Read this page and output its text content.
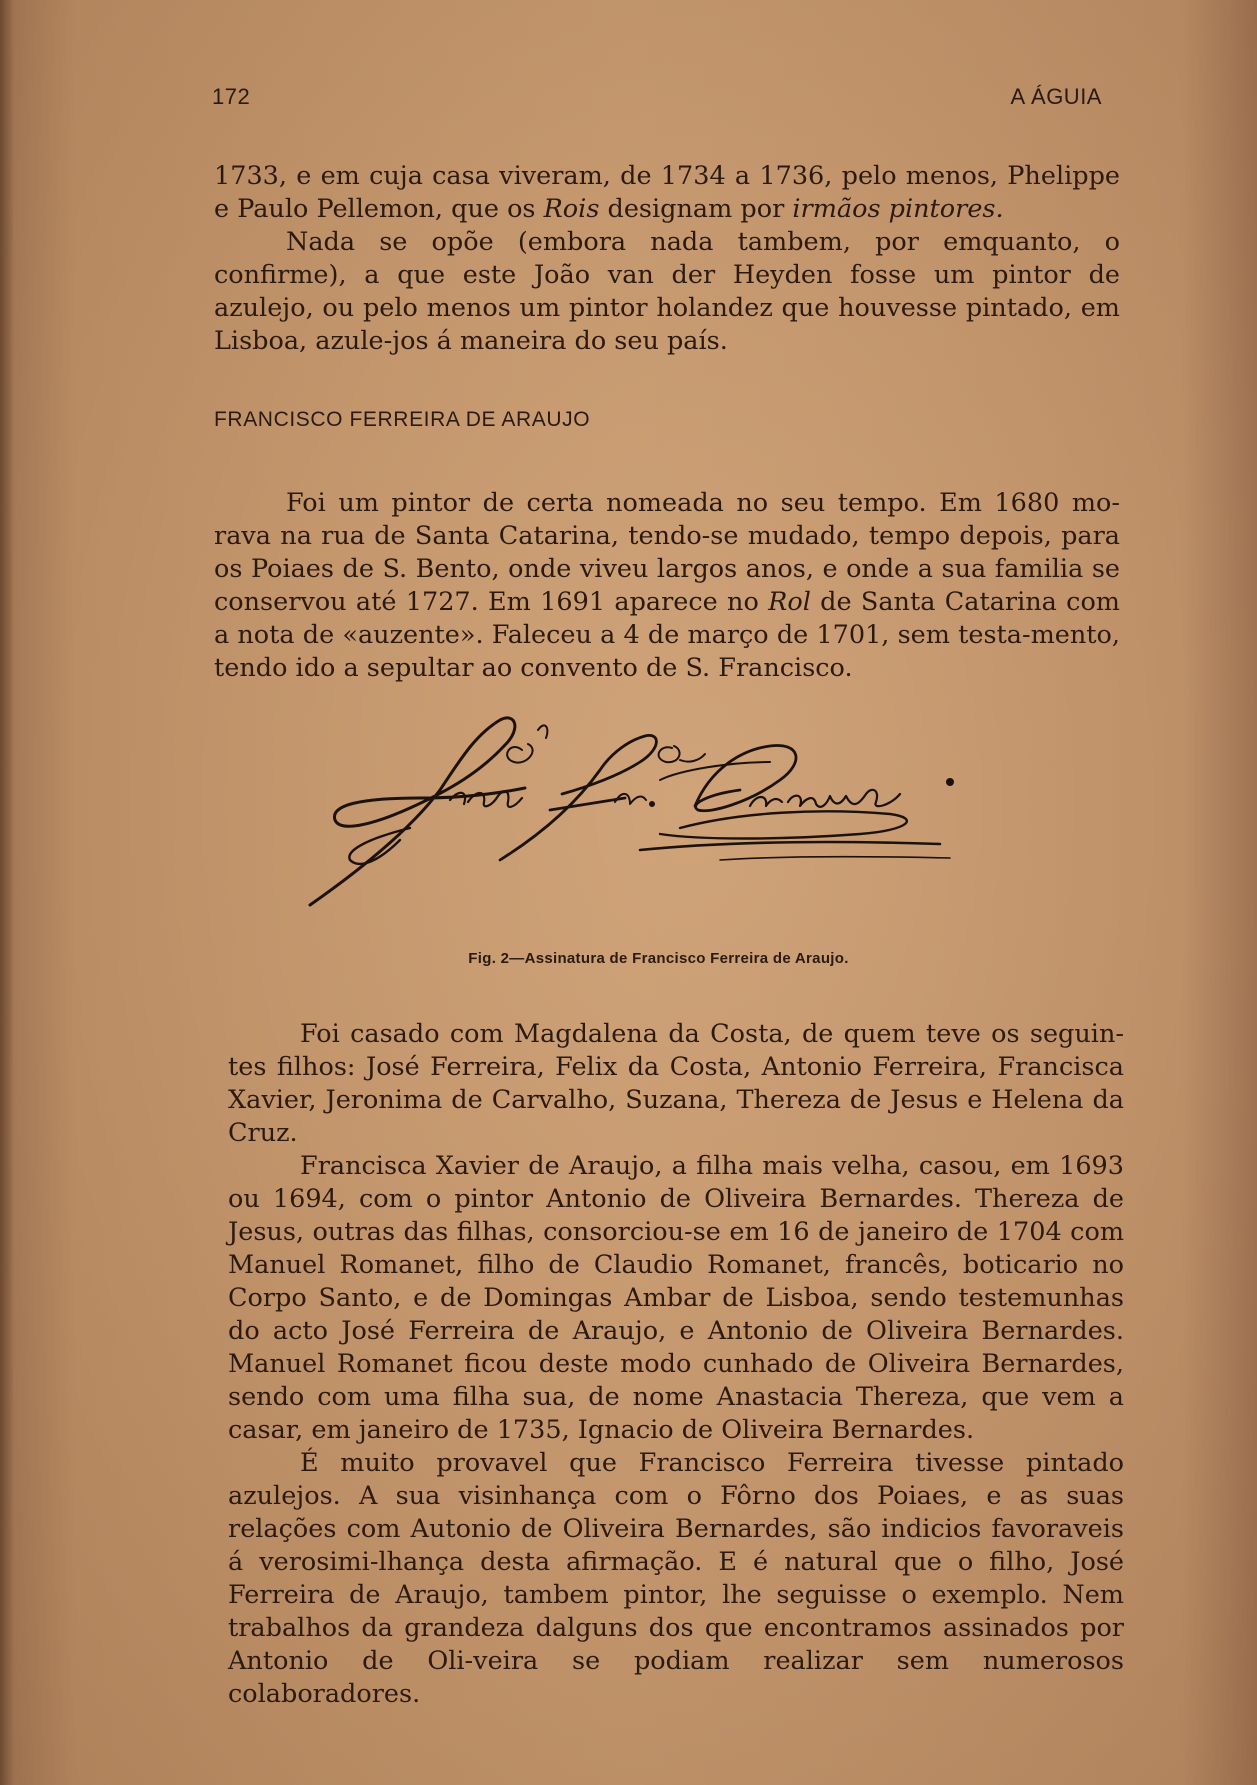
172	A ÁGUIA

1733, e em cuja casa viveram, de 1734 a 1736, pelo menos, Phelippe e Paulo Pellemon, que os Rois designam por irmãos pintores.

Nada se opõe (embora nada tambem, por emquanto, o confirme), a que este João van der Heyden fosse um pintor de azulejo, ou pelo menos um pintor holandez que houvesse pintado, em Lisboa, azule-jos á maneira do seu país.

FRANCISCO FERREIRA DE ARAUJO

Foi um pintor de certa nomeada no seu tempo. Em 1680 mo-rava na rua de Santa Catarina, tendo-se mudado, tempo depois, para os Poiaes de S. Bento, onde viveu largos anos, e onde a sua familia se conservou até 1727. Em 1691 aparece no Rol de Santa Catarina com a nota de «auzente». Faleceu a 4 de março de 1701, sem testa-mento, tendo ido a sepultar ao convento de S. Francisco.

Fig. 2—Assinatura de Francisco Ferreira de Araujo.

Foi casado com Magdalena da Costa, de quem teve os seguin-tes filhos: José Ferreira, Felix da Costa, Antonio Ferreira, Francisca Xavier, Jeronima de Carvalho, Suzana, Thereza de Jesus e Helena da Cruz.

Francisca Xavier de Araujo, a filha mais velha, casou, em 1693 ou 1694, com o pintor Antonio de Oliveira Bernardes. Thereza de Jesus, outras das filhas, consorciou-se em 16 de janeiro de 1704 com Manuel Romanet, filho de Claudio Romanet, francês, boticario no Corpo Santo, e de Domingas Ambar de Lisboa, sendo testemunhas do acto José Ferreira de Araujo, e Antonio de Oliveira Bernardes. Manuel Romanet ficou deste modo cunhado de Oliveira Bernardes, sendo com uma filha sua, de nome Anastacia Thereza, que vem a casar, em janeiro de 1735, Ignacio de Oliveira Bernardes.

É muito provavel que Francisco Ferreira tivesse pintado azulejos. A sua visinhança com o Fôrno dos Poiaes, e as suas relações com Autonio de Oliveira Bernardes, são indicios favoraveis á verosimi-lhança desta afirmação. E é natural que o filho, José Ferreira de Araujo, tambem pintor, lhe seguisse o exemplo. Nem trabalhos da grandeza dalguns dos que encontramos assinados por Antonio de Oli-veira se podiam realizar sem numerosos colaboradores.
